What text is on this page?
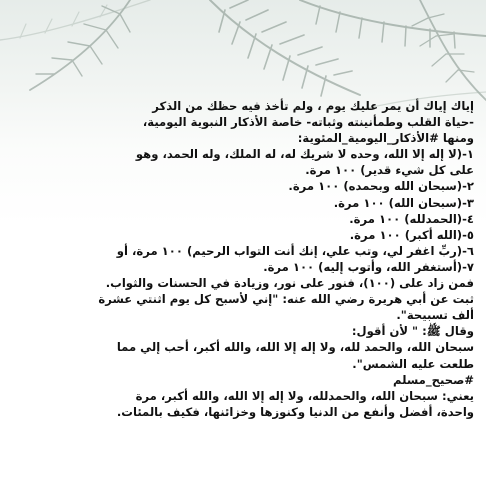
إياك إياك أن يمر عليك يوم ، ولم تأخذ فيه حظك من الذكر
-حياة القلب وطمأنينته وثباته- خاصة الأذكار النبوية اليومية،
ومنها #الأذكار_اليومية_المئوية:
١-(لا إله إلا الله، وحده لا شريك له، له الملك، وله الحمد، وهو
على كل شيء قدير) ١٠٠ مرة.
٢-(سبحان الله وبحمده) ١٠٠ مرة.
٣-(سبحان الله) ١٠٠ مرة.
٤-(الحمدلله) ١٠٠ مرة.
٥-(الله أكبر) ١٠٠ مرة.
٦-(ربِّ اغفر لي، وتب علي، إنك أنت التواب الرحيم) ١٠٠ مرة، أو
٧-(أستغفر الله، وأتوب إليه) ١٠٠ مرة.
فمن زاد على (١٠٠)، فنور على نور، وزيادة في الحسنات والثواب.
ثبت عن أبي هريرة رضي الله عنه: "إني لأسبح كل يوم اثنتي عشرة
ألف تسبيحة".
وقال ﷺ: " لأن أقول:
سبحان الله، والحمد لله، ولا إله إلا الله، والله أكبر، أحب إلي مما
طلعت عليه الشمس".
#صحيح_مسلم
يعني: سبحان الله، والحمدلله، ولا إله إلا الله، والله أكبر، مرة
واحدة، أفضل وأنفع من الدنيا وكنوزها وخزائنها، فكيف بالمئات.
